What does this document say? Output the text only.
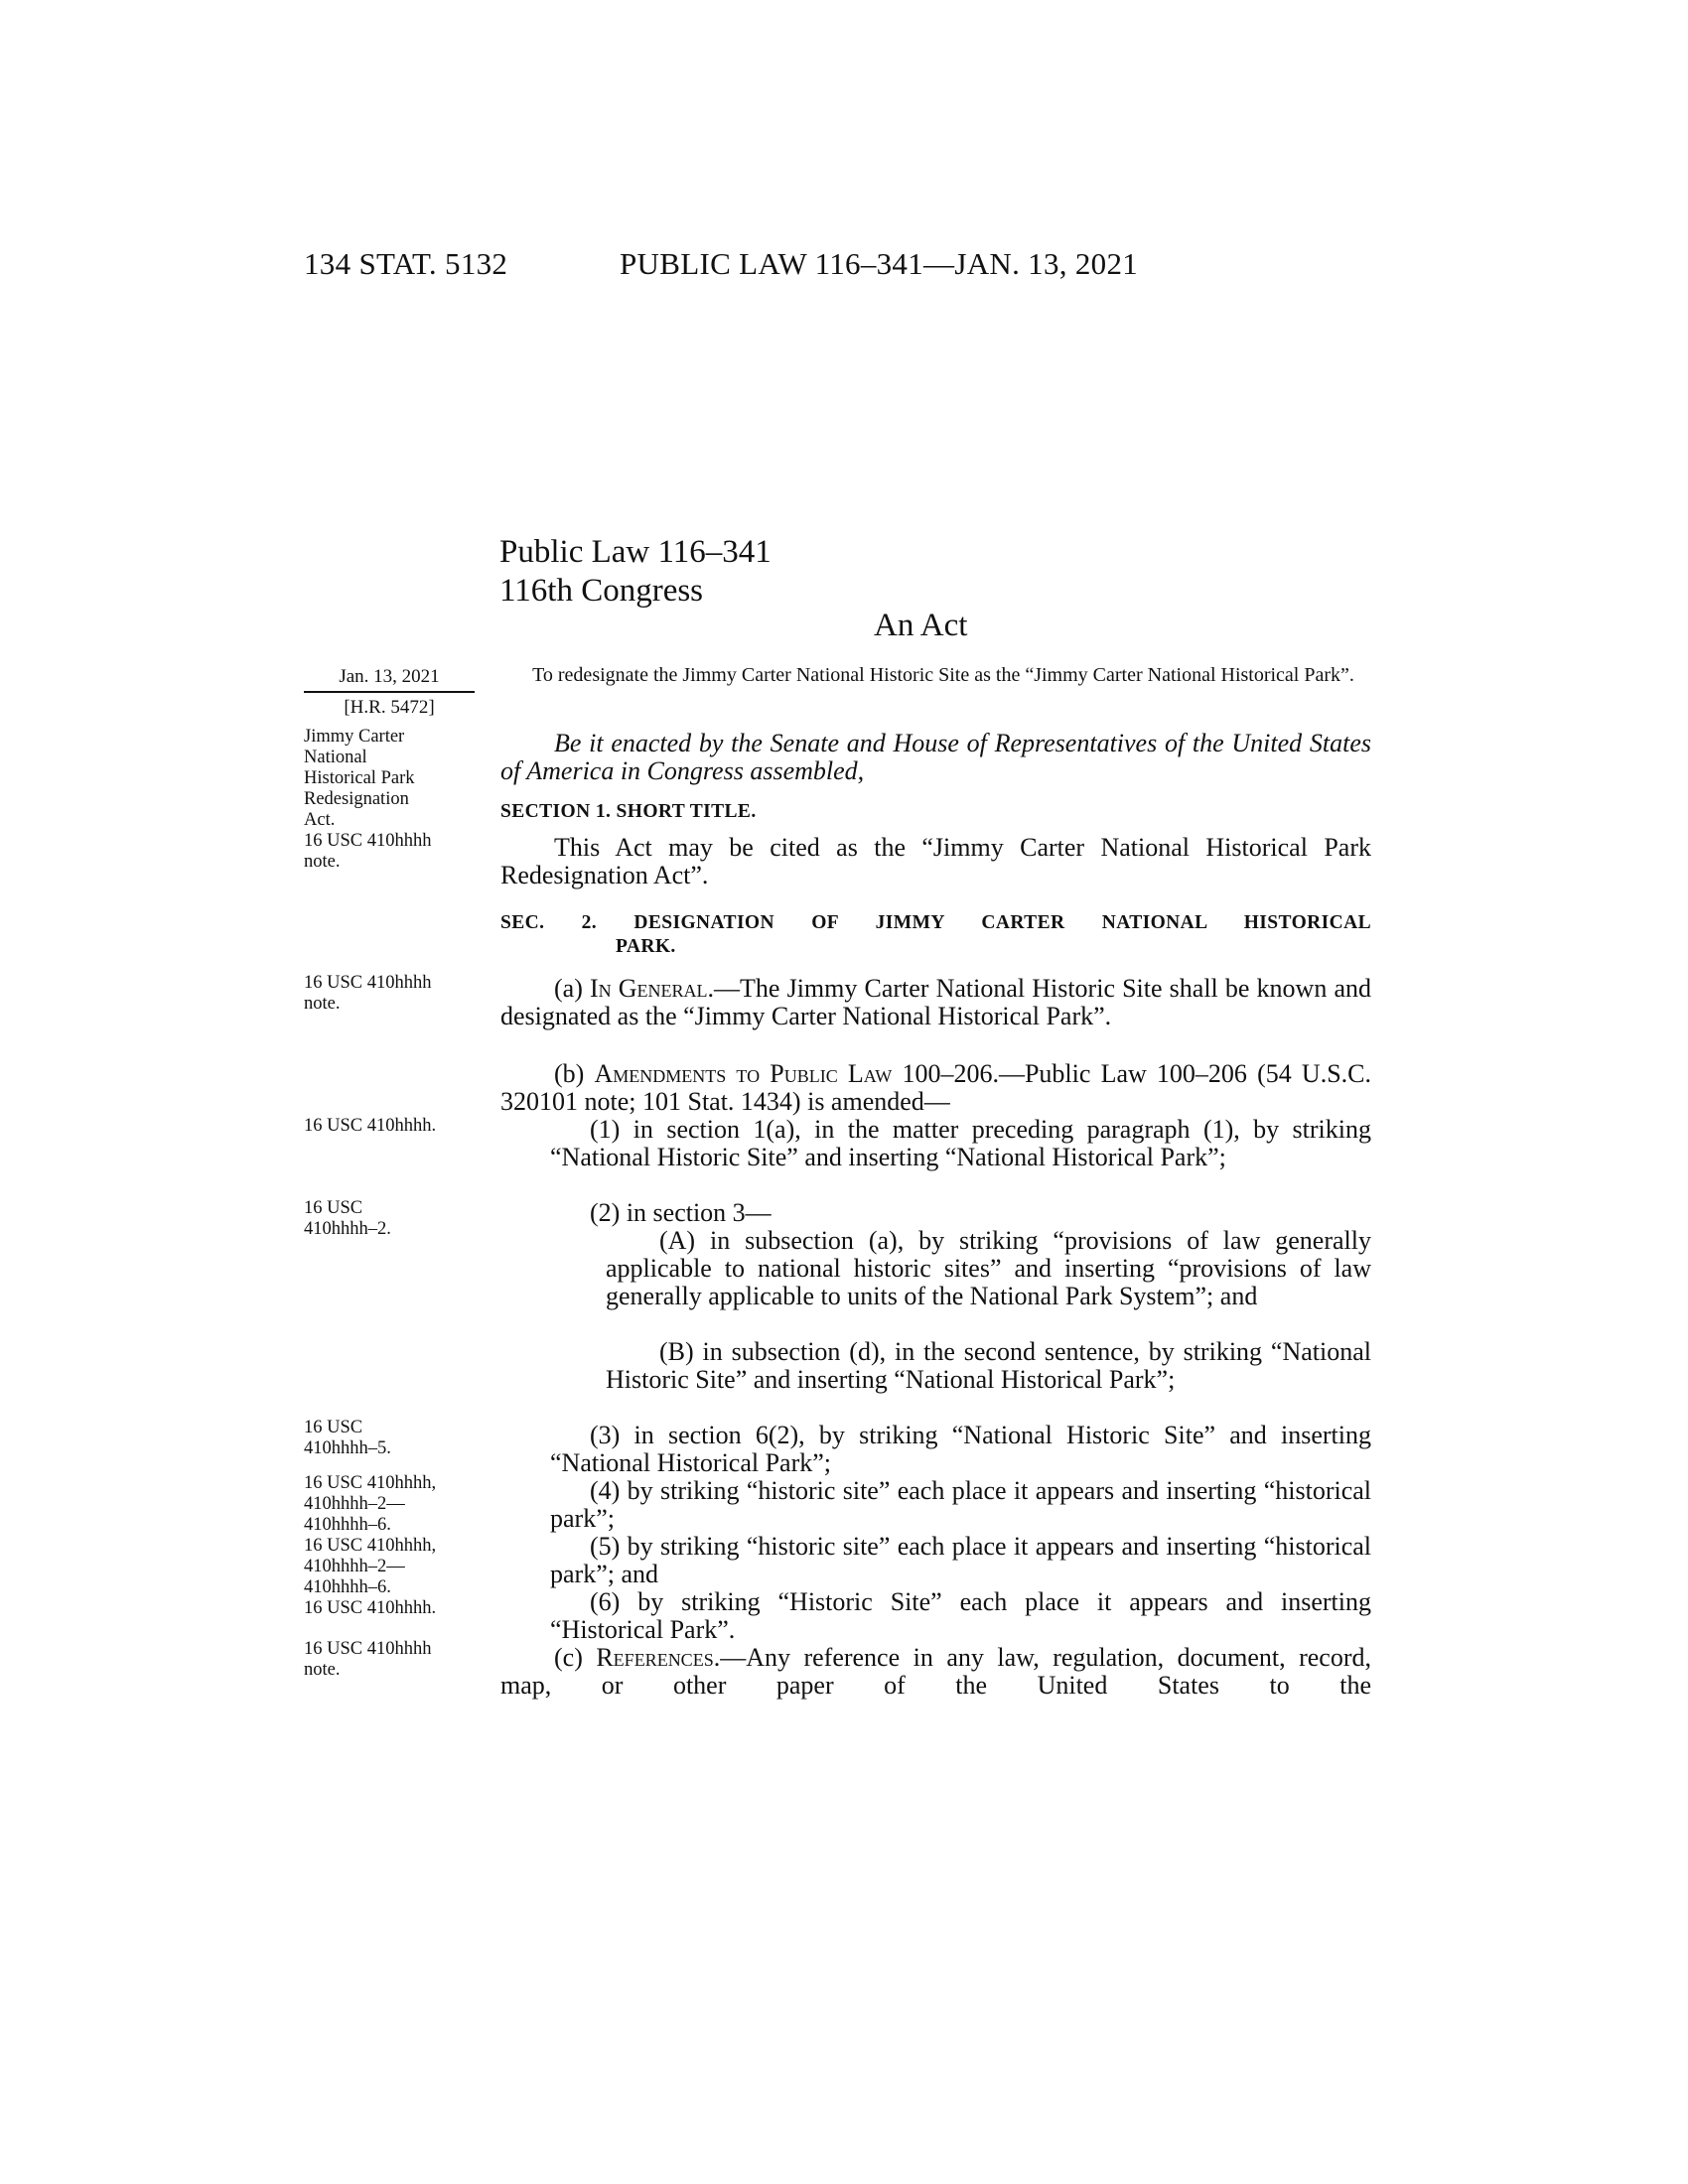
134 STAT. 5132	PUBLIC LAW 116–341—JAN. 13, 2021
Public Law 116–341
116th Congress
An Act
Jan. 13, 2021
[H.R. 5472]
To redesignate the Jimmy Carter National Historic Site as the “Jimmy Carter National Historical Park”.
Jimmy Carter
National
Historical Park
Redesignation
Act.
16 USC 410hhhh
note.
16 USC 410hhhh
note.
16 USC 410hhhh.
16 USC
410hhhh–2.
16 USC
410hhhh–5.
16 USC 410hhhh,
410hhhh–2—
410hhhh–6.
16 USC 410hhhh,
410hhhh–2—
410hhhh–6.
16 USC 410hhhh.
16 USC 410hhhh
note.

Be it enacted by the Senate and House of Representatives of the United States of America in Congress assembled,

SECTION 1. SHORT TITLE.

This Act may be cited as the “Jimmy Carter National Historical Park Redesignation Act”.

SEC. 2. DESIGNATION OF JIMMY CARTER NATIONAL HISTORICAL
PARK.

(a) In General.—The Jimmy Carter National Historic Site shall be known and designated as the “Jimmy Carter National Historical Park”.

(b) Amendments to Public Law 100–206.—Public Law 100–206 (54 U.S.C. 320101 note; 101 Stat. 1434) is amended—

(1) in section 1(a), in the matter preceding paragraph (1), by striking “National Historic Site” and inserting “National Historical Park”;
(2) in section 3—
(A) in subsection (a), by striking “provisions of law generally applicable to national historic sites” and inserting “provisions of law generally applicable to units of the National Park System”; and
(B) in subsection (d), in the second sentence, by striking “National Historic Site” and inserting “National Historical Park”;
(3) in section 6(2), by striking “National Historic Site” and inserting “National Historical Park”;
(4) by striking “historic site” each place it appears and inserting “historical park”;
(5) by striking “historic site” each place it appears and inserting “historical park”; and
(6) by striking “Historic Site” each place it appears and inserting “Historical Park”.

(c) References.—Any reference in any law, regulation, document, record, map, or other paper of the United States to the
